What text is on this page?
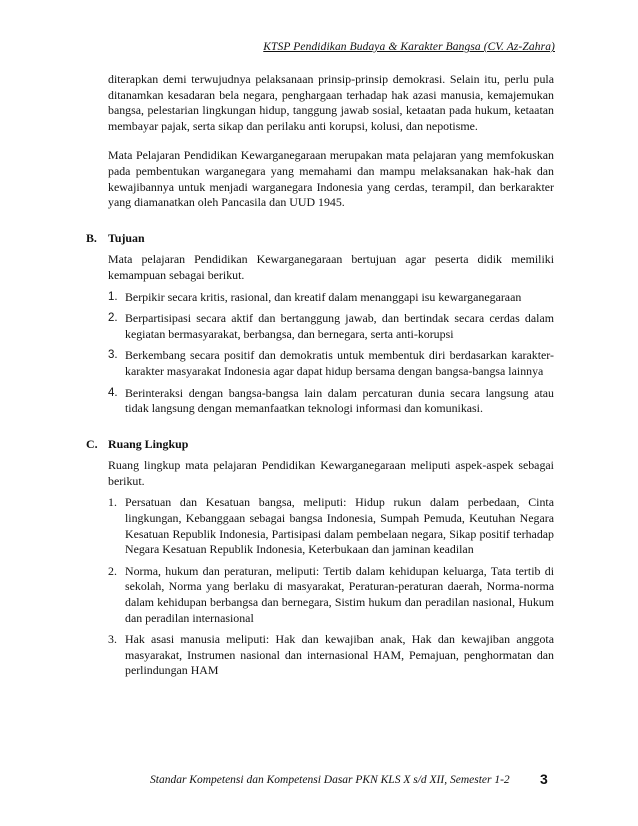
KTSP Pendidikan Budaya & Karakter Bangsa (CV. Az-Zahra)

diterapkan demi terwujudnya pelaksanaan prinsip-prinsip demokrasi. Selain itu, perlu pula ditanamkan kesadaran bela negara, penghargaan terhadap hak azasi manusia, kemajemukan bangsa, pelestarian lingkungan hidup, tanggung jawab sosial, ketaatan pada hukum, ketaatan membayar pajak, serta sikap dan perilaku anti korupsi, kolusi, dan nepotisme.

Mata Pelajaran Pendidikan Kewarganegaraan merupakan mata pelajaran yang memfokuskan pada pembentukan warganegara yang memahami dan mampu melaksanakan hak-hak dan kewajibannya untuk menjadi warganegara Indonesia yang cerdas, terampil, dan berkarakter yang diamanatkan oleh Pancasila dan UUD 1945.

B. Tujuan

Mata pelajaran Pendidikan Kewarganegaraan bertujuan agar peserta didik memiliki kemampuan sebagai berikut.

1. Berpikir secara kritis, rasional, dan kreatif dalam menanggapi isu kewarganegaraan
2. Berpartisipasi secara aktif dan bertanggung jawab, dan bertindak secara cerdas dalam kegiatan bermasyarakat, berbangsa, dan bernegara, serta anti-korupsi
3. Berkembang secara positif dan demokratis untuk membentuk diri berdasarkan karakter-karakter masyarakat Indonesia agar dapat hidup bersama dengan bangsa-bangsa lainnya
4. Berinteraksi dengan bangsa-bangsa lain dalam percaturan dunia secara langsung atau tidak langsung dengan memanfaatkan teknologi informasi dan komunikasi.
C. Ruang Lingkup

Ruang lingkup mata pelajaran Pendidikan Kewarganegaraan meliputi aspek-aspek sebagai berikut.

1. Persatuan dan Kesatuan bangsa, meliputi: Hidup rukun dalam perbedaan, Cinta lingkungan, Kebanggaan sebagai bangsa Indonesia, Sumpah Pemuda, Keutuhan Negara Kesatuan Republik Indonesia, Partisipasi dalam pembelaan negara, Sikap positif terhadap Negara Kesatuan Republik Indonesia, Keterbukaan dan jaminan keadilan
2. Norma, hukum dan peraturan, meliputi: Tertib dalam kehidupan keluarga, Tata tertib di sekolah, Norma yang berlaku di masyarakat, Peraturan-peraturan daerah, Norma-norma dalam kehidupan berbangsa dan bernegara, Sistim hukum dan peradilan nasional, Hukum dan peradilan internasional
3. Hak asasi manusia meliputi: Hak dan kewajiban anak, Hak dan kewajiban anggota masyarakat, Instrumen nasional dan internasional HAM, Pemajuan, penghormatan dan perlindungan HAM
Standar Kompetensi dan Kompetensi Dasar PKN KLS X s/d XII, Semester 1-2 3
